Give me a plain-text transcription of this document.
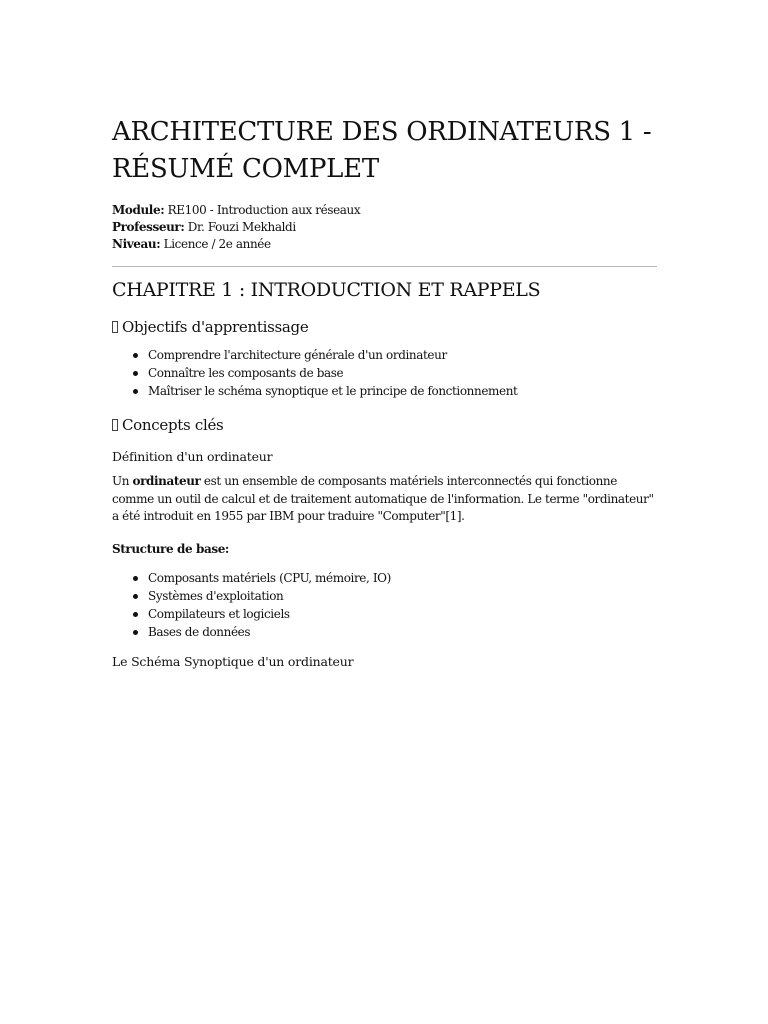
ARCHITECTURE DES ORDINATEURS 1 - RÉSUMÉ COMPLET
Module: RE100 - Introduction aux réseaux
Professeur: Dr. Fouzi Mekhaldi
Niveau: Licence / 2e année
CHAPITRE 1 : INTRODUCTION ET RAPPELS
Objectifs d'apprentissage
Comprendre l'architecture générale d'un ordinateur
Connaître les composants de base
Maîtriser le schéma synoptique et le principe de fonctionnement
Concepts clés
Définition d'un ordinateur

Un ordinateur est un ensemble de composants matériels interconnectés qui fonctionne comme un outil de calcul et de traitement automatique de l'information. Le terme "ordinateur" a été introduit en 1955 par IBM pour traduire "Computer"[1].

Structure de base:

Composants matériels (CPU, mémoire, IO)
Systèmes d'exploitation
Compilateurs et logiciels
Bases de données
Le Schéma Synoptique d'un ordinateur
